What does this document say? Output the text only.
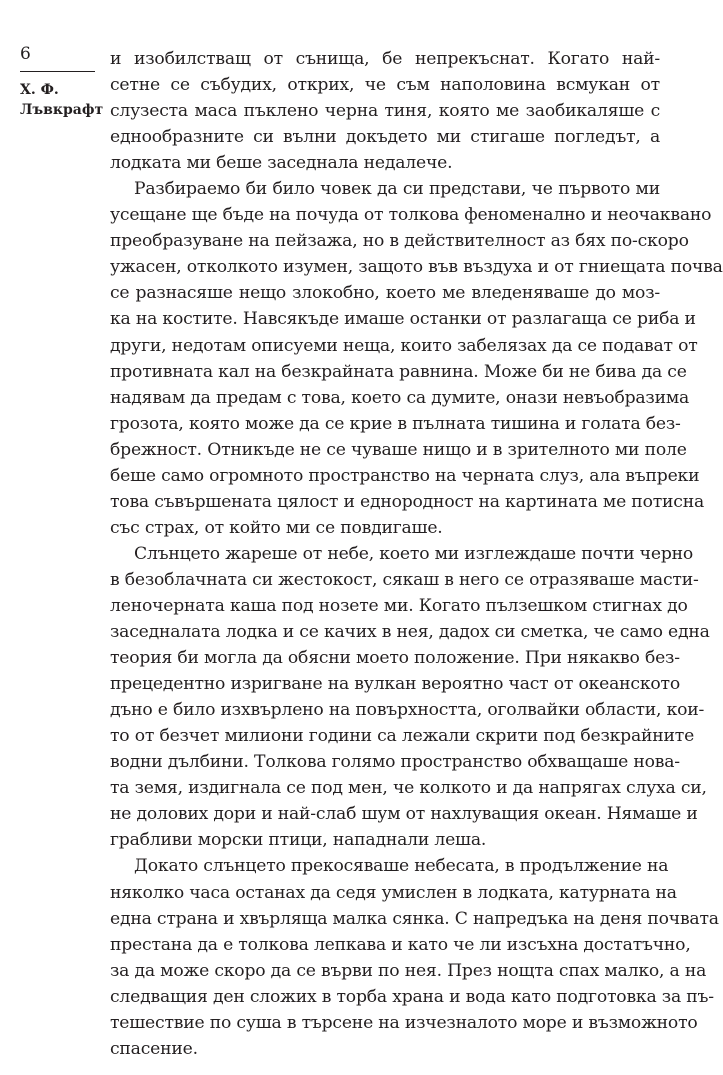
6
Х. Ф.
Лъвкрафт
и изобилстващ от сънища, бе непрекъснат. Когато най-
сетне се събудих, открих, че съм наполовина всмукан от
слузеста маса пъклено черна тиня, която ме заобикаляше с
еднообразните си вълни докъдето ми стигаше погледът, а
лодката ми беше заседнала недалече.
Разбираемо би било човек да си представи, че първото ми
усещане ще бъде на почуда от толкова феноменално и неочаквано
преобразуване на пейзажа, но в действителност аз бях по-скоро
ужасен, отколкото изумен, защото във въздуха и от гниещата почва
се разнасяше нещо злокобно, което ме вледеняваше до моз-
ка на костите. Навсякъде имаше останки от разлагаща се риба и
други, недотам описуеми неща, които забелязах да се подават от
противната кал на безкрайната равнина. Може би не бива да се
надявам да предам с това, което са думите, онази невъобразима
грозота, която може да се крие в пълната тишина и голата без-
брежност. Отникъде не се чуваше нищо и в зрителното ми поле
беше само огромното пространство на черната слуз, ала въпреки
това съвършената цялост и еднородност на картината ме потисна
със страх, от който ми се повдигаше.
Слънцето жареше от небе, което ми изглеждаше почти черно
в безоблачната си жестокост, сякаш в него се отразяваше масти-
леночерната каша под нозете ми. Когато пълзешком стигнах до
заседналата лодка и се качих в нея, дадох си сметка, че само една
теория би могла да обясни моето положение. При някакво без-
прецедентно изригване на вулкан вероятно част от океанското
дъно е било изхвърлено на повърхността, оголвайки области, кои-
то от безчет милиони години са лежали скрити под безкрайните
водни дълбини. Толкова голямо пространство обхващаше нова-
та земя, издигнала се под мен, че колкото и да напрягах слуха си,
не долових дори и най-слаб шум от нахлуващия океан. Нямаше и
грабливи морски птици, нападнали леша.
Докато слънцето прекосяваше небесата, в продължение на
няколко часа останах да седя умислен в лодката, катурната на
една страна и хвърляща малка сянка. С напредъка на деня почвата
престана да е толкова лепкава и като че ли изсъхна достатъчно,
за да може скоро да се върви по нея. През нощта спах малко, а на
следващия ден сложих в торба храна и вода като подготовка за пъ-
тешествие по суша в търсене на изчезналото море и възможното
спасение.
